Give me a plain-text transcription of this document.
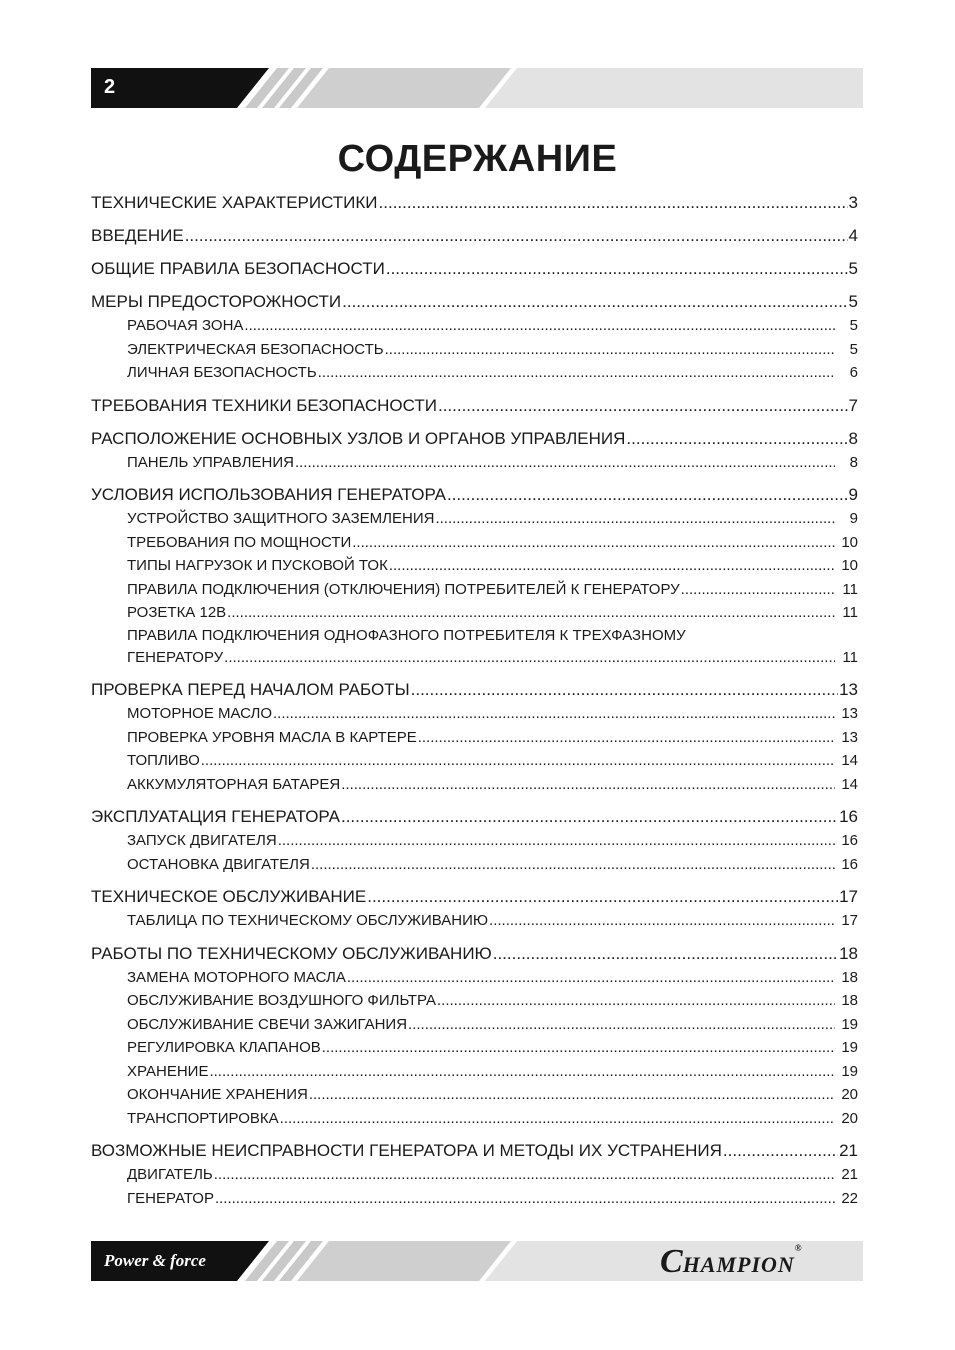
2
СОДЕРЖАНИЕ
ТЕХНИЧЕСКИЕ ХАРАКТЕРИСТИКИ .....	3
ВВЕДЕНИЕ .....	4
ОБЩИЕ ПРАВИЛА БЕЗОПАСНОСТИ .....	5
МЕРЫ ПРЕДОСТОРОЖНОСТИ .....	5
РАБОЧАЯ ЗОНА .....	5
ЭЛЕКТРИЧЕСКАЯ БЕЗОПАСНОСТЬ .....	5
ЛИЧНАЯ БЕЗОПАСНОСТЬ .....	6
ТРЕБОВАНИЯ ТЕХНИКИ БЕЗОПАСНОСТИ .....	7
РАСПОЛОЖЕНИЕ ОСНОВНЫХ УЗЛОВ И ОРГАНОВ УПРАВЛЕНИЯ .....	8
ПАНЕЛЬ УПРАВЛЕНИЯ .....	8
УСЛОВИЯ ИСПОЛЬЗОВАНИЯ ГЕНЕРАТОРА .....	9
УСТРОЙСТВО ЗАЩИТНОГО ЗАЗЕМЛЕНИЯ .....	9
ТРЕБОВАНИЯ ПО МОЩНОСТИ .....	10
ТИПЫ НАГРУЗОК И ПУСКОВОЙ ТОК .....	10
ПРАВИЛА ПОДКЛЮЧЕНИЯ (ОТКЛЮЧЕНИЯ) ПОТРЕБИТЕЛЕЙ К ГЕНЕРАТОРУ .....	11
РОЗЕТКА 12В .....	11
ПРАВИЛА ПОДКЛЮЧЕНИЯ ОДНОФАЗНОГО ПОТРЕБИТЕЛЯ К ТРЕХФАЗНОМУ
ГЕНЕРАТОРУ .....	11
ПРОВЕРКА ПЕРЕД НАЧАЛОМ РАБОТЫ .....	13
МОТОРНОЕ МАСЛО .....	13
ПРОВЕРКА УРОВНЯ МАСЛА В КАРТЕРЕ .....	13
ТОПЛИВО .....	14
АККУМУЛЯТОРНАЯ БАТАРЕЯ .....	14
ЭКСПЛУАТАЦИЯ ГЕНЕРАТОРА .....	16
ЗАПУСК ДВИГАТЕЛЯ .....	16
ОСТАНОВКА ДВИГАТЕЛЯ .....	16
ТЕХНИЧЕСКОЕ ОБСЛУЖИВАНИЕ .....	17
ТАБЛИЦА ПО ТЕХНИЧЕСКОМУ ОБСЛУЖИВАНИЮ .....	17
РАБОТЫ ПО ТЕХНИЧЕСКОМУ ОБСЛУЖИВАНИЮ .....	18
ЗАМЕНА МОТОРНОГО МАСЛА .....	18
ОБСЛУЖИВАНИЕ ВОЗДУШНОГО ФИЛЬТРА .....	18
ОБСЛУЖИВАНИЕ СВЕЧИ ЗАЖИГАНИЯ .....	19
РЕГУЛИРОВКА КЛАПАНОВ .....	19
ХРАНЕНИЕ .....	19
ОКОНЧАНИЕ ХРАНЕНИЯ .....	20
ТРАНСПОРТИРОВКА .....	20
ВОЗМОЖНЫЕ НЕИСПРАВНОСТИ ГЕНЕРАТОРА И МЕТОДЫ ИХ УСТРАНЕНИЯ .....	21
ДВИГАТЕЛЬ .....	21
ГЕНЕРАТОР .....	22
Power & force	CHAMPION®
